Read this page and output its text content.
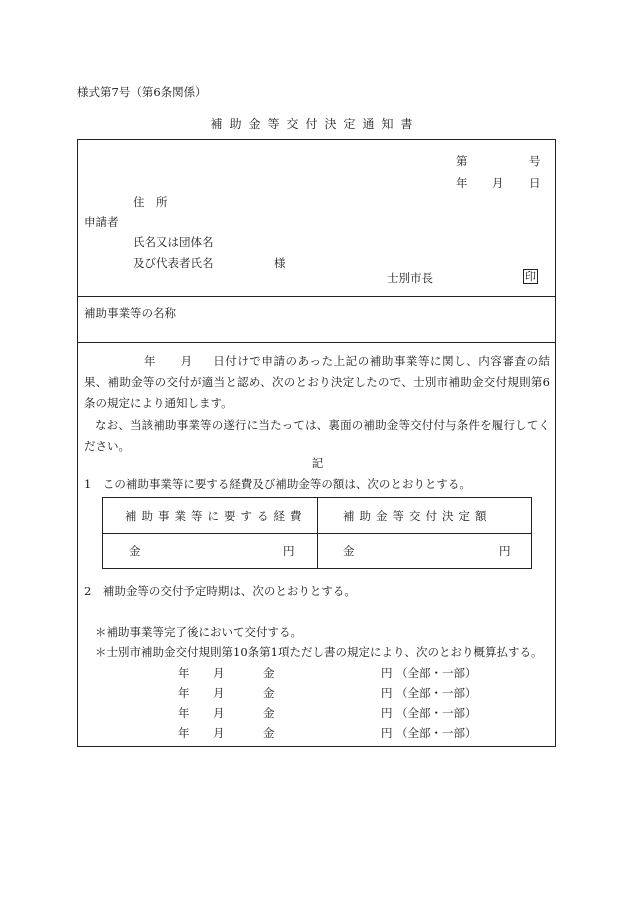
様式第7号（第6条関係）
補助金等交付決定通知書
第	号
年 月 日
住　所
申請者
氏名又は団体名
及び代表者氏名	様
士別市長	印
補助事業等の名称
年 月 日付けで申請のあった上記の補助事業等に関し、内容審査の結果、補助金等の交付が適当と認め、次のとおり決定したので、士別市補助金交付規則第6条の規定により通知します。
なお、当該補助事業等の遂行に当たっては、裏面の補助金等交付付与条件を履行してください。
記
1　この補助事業等に要する経費及び補助金等の額は、次のとおりとする。
補助事業等に要する経費	補助金等交付決定額
金	円	金	円
2　補助金等の交付予定時期は、次のとおりとする。
＊補助事業等完了後において交付する。
＊士別市補助金交付規則第10条第1項ただし書の規定により、次のとおり概算払する。
年 月	金	円 （全部・一部）
年 月	金	円 （全部・一部）
年 月	金	円 （全部・一部）
年 月	金	円 （全部・一部）
